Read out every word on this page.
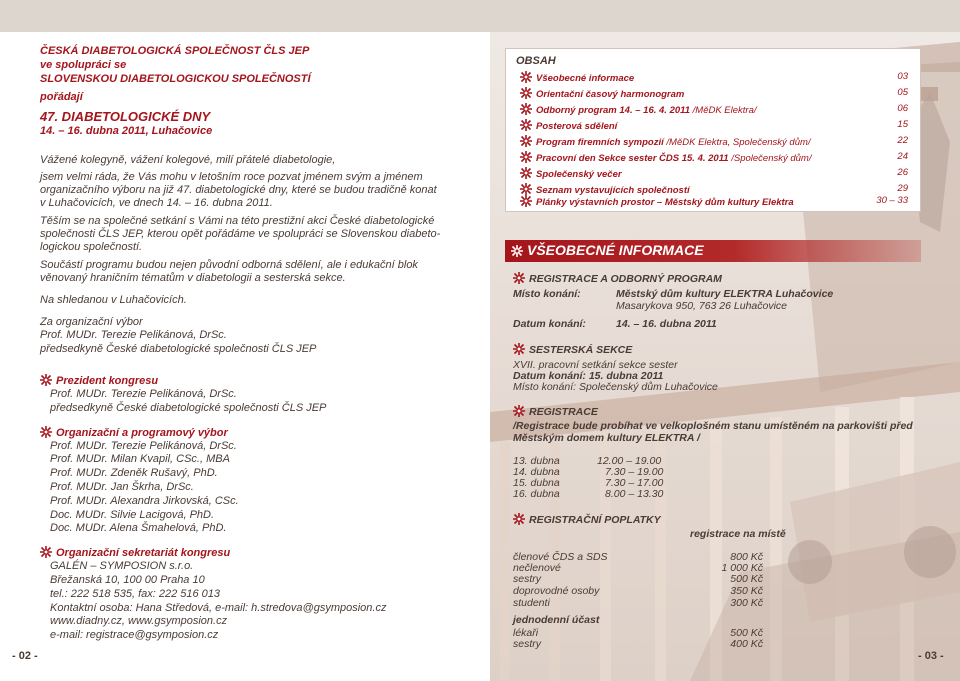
ČESKÁ DIABETOLOGICKÁ SPOLEČNOST ČLS JEP
ve spolupráci se
SLOVENSKOU DIABETOLOGICKOU SPOLEČNOSTÍ
pořádají
47. DIABETOLOGICKÉ DNY
14. – 16. dubna 2011, Luhačovice
Vážené kolegyně, vážení kolegové, milí přátelé diabetologie,

jsem velmi ráda, že Vás mohu v letošním roce pozvat jménem svým a jménem

organizačního výboru na již 47. diabetologické dny, které se budou tradičně konat

v Luhačovicích, ve dnech 14. – 16. dubna 2011.

Těším se na společné setkání s Vámi na této prestižní akci České diabetologické

společnosti ČLS JEP, kterou opět pořádáme ve spolupráci se Slovenskou diabeto-

logickou společností.

Součástí programu budou nejen původní odborná sdělení, ale i edukační blok

věnovaný hraničním tématům v diabetologii a sesterská sekce.

Na shledanou v Luhačovicích.
Za organizační výbor
Prof. MUDr. Terezie Pelikánová, DrSc.
předsedkyně České diabetologické společnosti ČLS JEP
Prezident kongresu
Prof. MUDr. Terezie Pelikánová, DrSc.
předsedkyně České diabetologické společnosti ČLS JEP
Organizační a programový výbor
Prof. MUDr. Terezie Pelikánová, DrSc.
Prof. MUDr. Milan Kvapil, CSc., MBA
Prof. MUDr. Zdeněk Rušavý, PhD.
Prof. MUDr. Jan Škrha, DrSc.
Prof. MUDr. Alexandra Jirkovská, CSc.
Doc. MUDr. Silvie Lacigová, PhD.
Doc. MUDr. Alena Šmahelová, PhD.
Organizační sekretariát kongresu
GALÉN – SYMPOSION s.r.o.
Břežanská 10, 100 00 Praha 10
tel.: 222 518 535, fax: 222 516 013
Kontaktní osoba: Hana Středová, e-mail: h.stredova@gsymposion.cz
www.diadny.cz, www.gsymposion.cz
e-mail: registrace@gsymposion.cz
- 02 -
OBSAH
Všeobecné informace	03
Orientační časový harmonogram	05
Odborný program 14. – 16. 4. 2011 /MěDK Elektra/	06
Posterová sdělení	15
Program firemních sympozií /MěDK Elektra, Společenský dům/	22
Pracovní den Sekce sester ČDS 15. 4. 2011 /Společenský dům/	24
Společenský večer	26
Seznam vystavujících společností	29
Plánky výstavních prostor – Městský dům kultury Elektra	30 – 33
VŠEOBECNÉ INFORMACE
REGISTRACE A ODBORNÝ PROGRAM
Místo konání:	Městský dům kultury ELEKTRA Luhačovice
Masarykova 950, 763 26 Luhačovice
Datum konání:	14. – 16. dubna 2011
SESTERSKÁ SEKCE
XVII. pracovní setkání sekce sester
Datum konání: 15. dubna 2011
Místo konání: Společenský dům Luhačovice
REGISTRACE
/Registrace bude probíhat ve velkoplošném stanu umístěném na parkovišti před
Městským domem kultury ELEKTRA /
13. dubna	12.00 – 19.00
14. dubna	7.30 – 19.00
15. dubna	7.30 – 17.00
16. dubna	8.00 – 13.30
REGISTRAČNÍ POPLATKY
registrace na místě
členové ČDS a SDS	800 Kč
nečlenové	1 000 Kč
sestry	500 Kč
doprovodné osoby	350 Kč
studenti	300 Kč
jednodenní účast
lékaři	500 Kč
sestry	400 Kč
- 03 -
